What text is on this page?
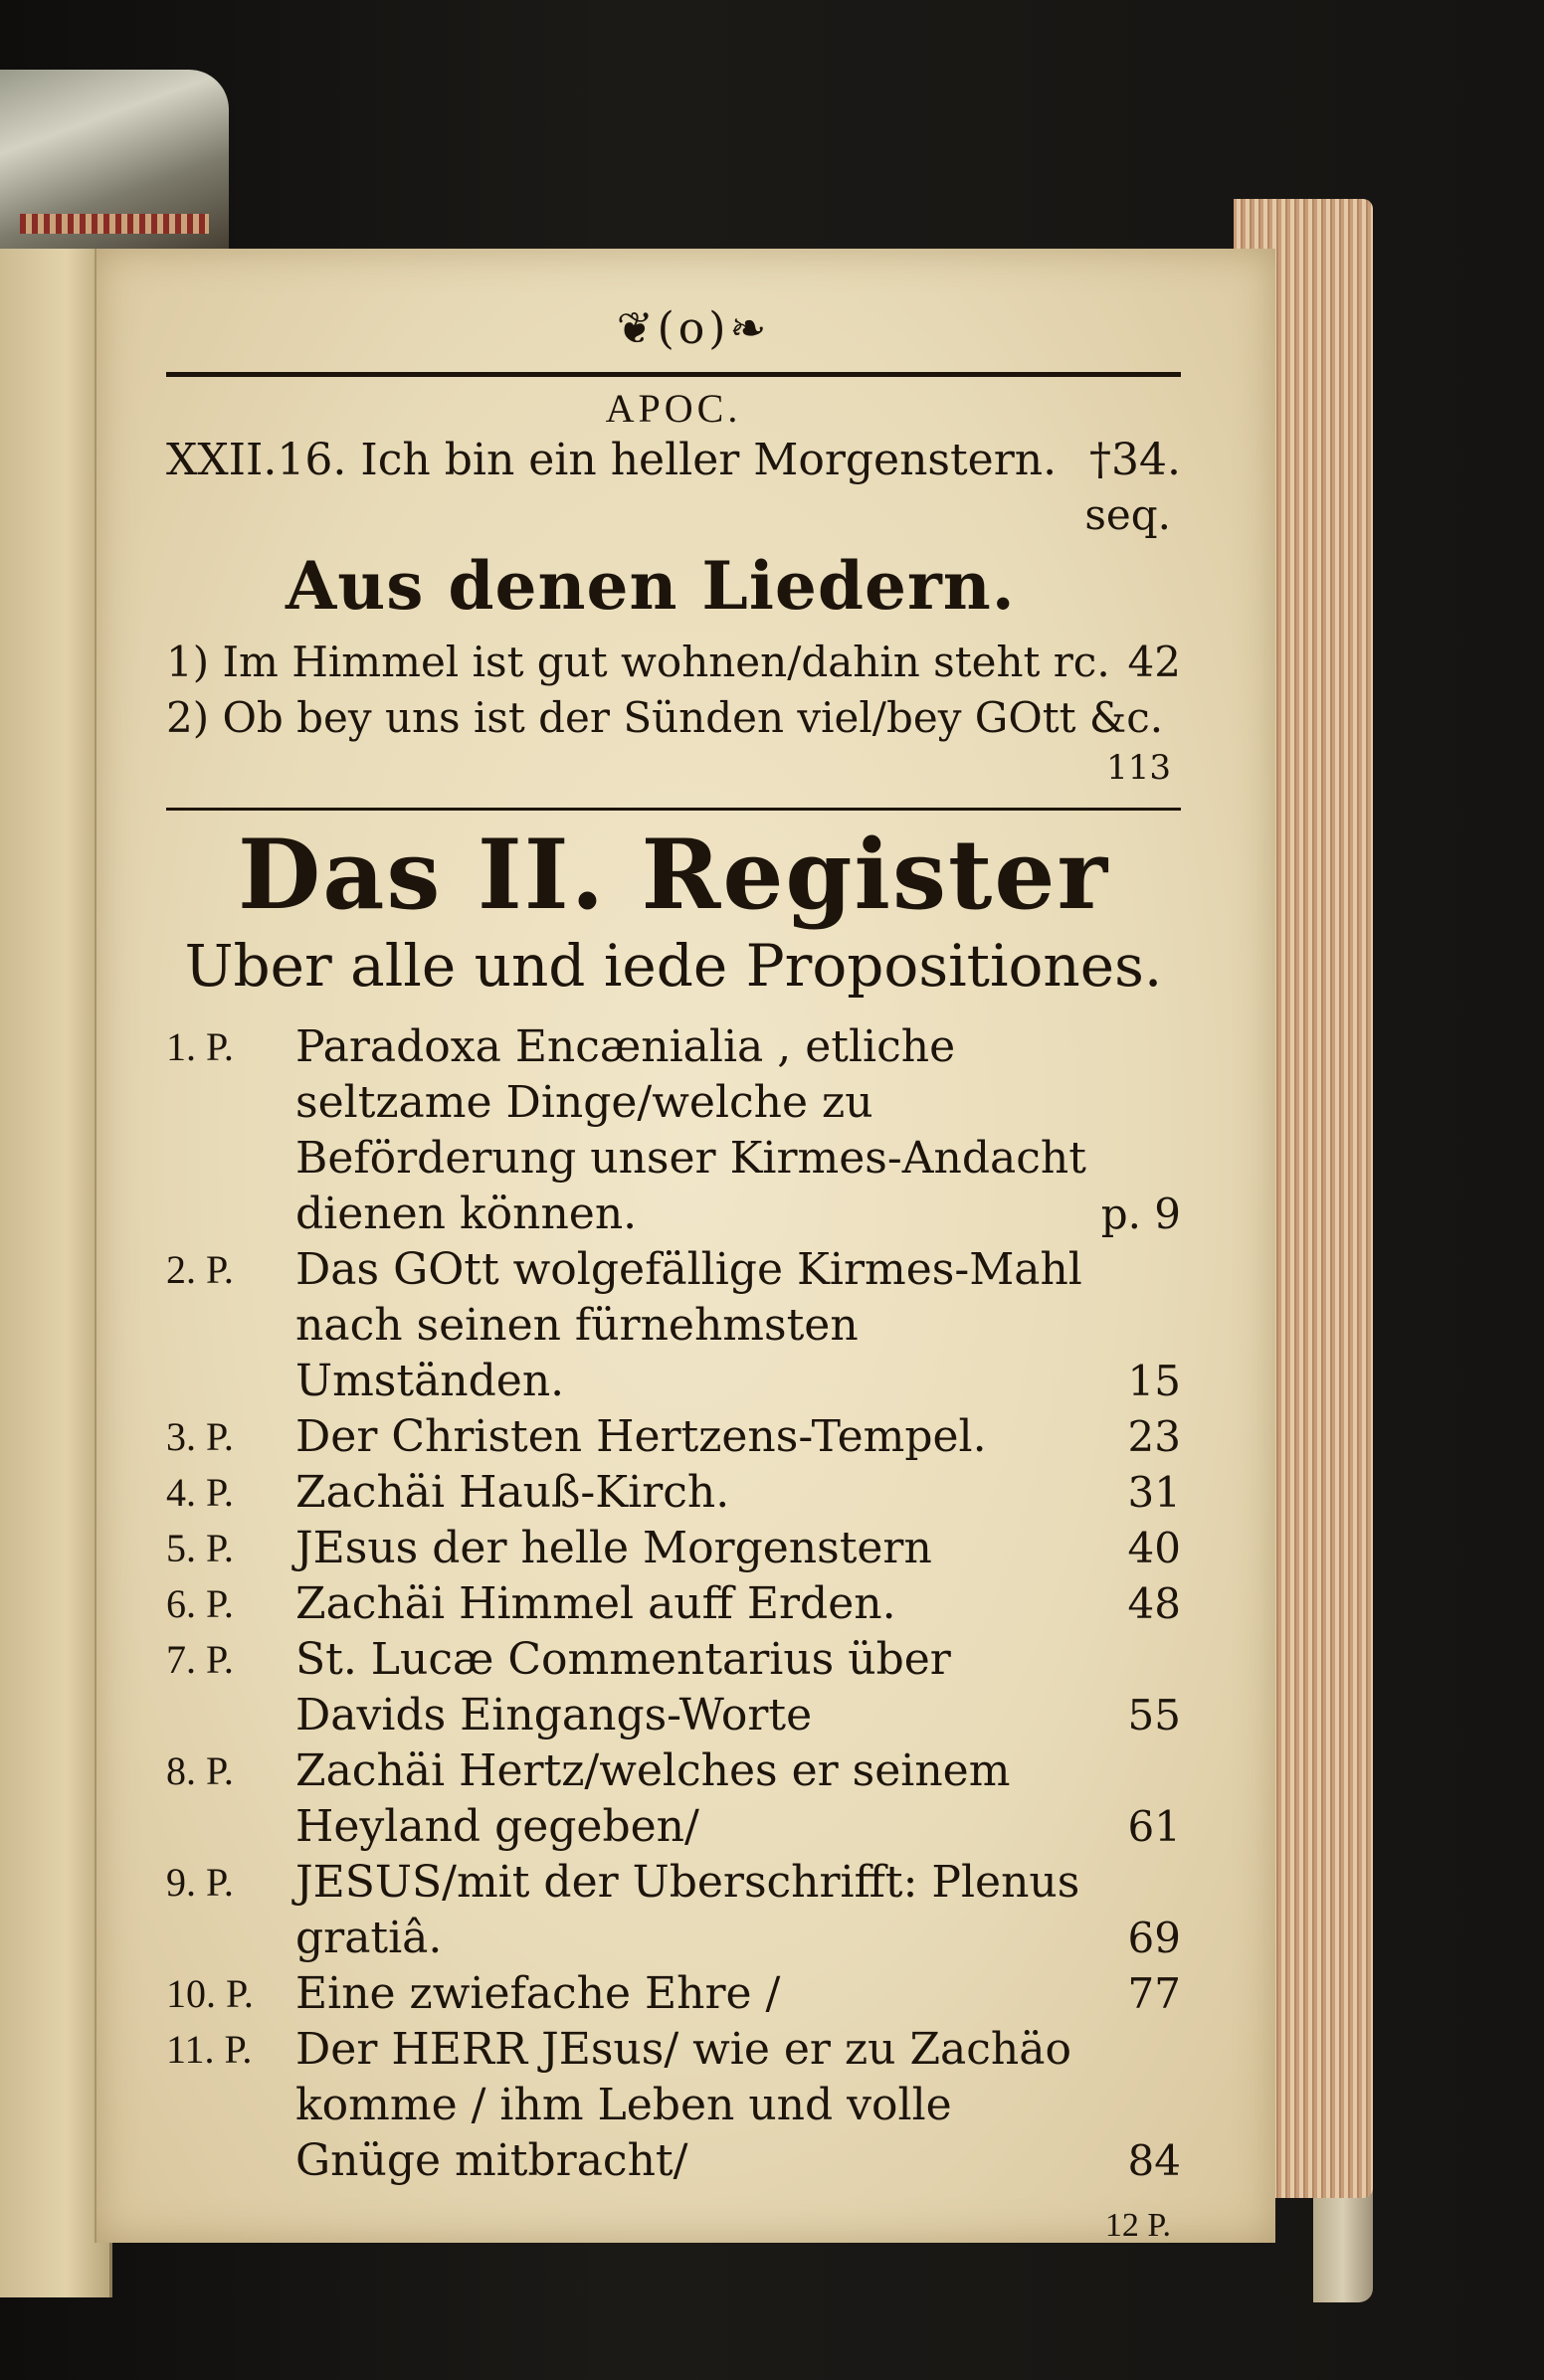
❦(o)❧
APOC.
XXII.16. Ich bin ein heller Morgenstern. †34.
seq.
Aus denen Liedern.
1) Im Himmel ist gut wohnen/dahin steht rc. 42
2) Ob bey uns ist der Sünden viel/bey GOtt &c.
113
Das II. Register
Uber alle und iede Propositiones.
1. P.	Paradoxa Encænialia , etliche seltzame Dinge/welche zu Beförderung unser Kirmes-Andacht dienen können.	p. 9
2. P.	Das GOtt wolgefällige Kirmes-Mahl nach seinen fürnehmsten Umständen.	15
3. P.	Der Christen Hertzens-Tempel.	23
4. P.	Zachäi Hauß-Kirch.	31
5. P.	JEsus der helle Morgenstern	40
6. P.	Zachäi Himmel auff Erden.	48
7. P.	St. Lucæ Commentarius über Davids Eingangs-Worte	55
8. P.	Zachäi Hertz/welches er seinem Heyland gegeben/	61
9. P.	JESUS/mit der Uberschrifft: Plenus gratiâ.	69
10. P. Eine zwiefache Ehre /	77
11. P. Der HERR JEsus/ wie er zu Zachäo komme / ihm Leben und volle Gnüge mitbracht/	84
12 P.
